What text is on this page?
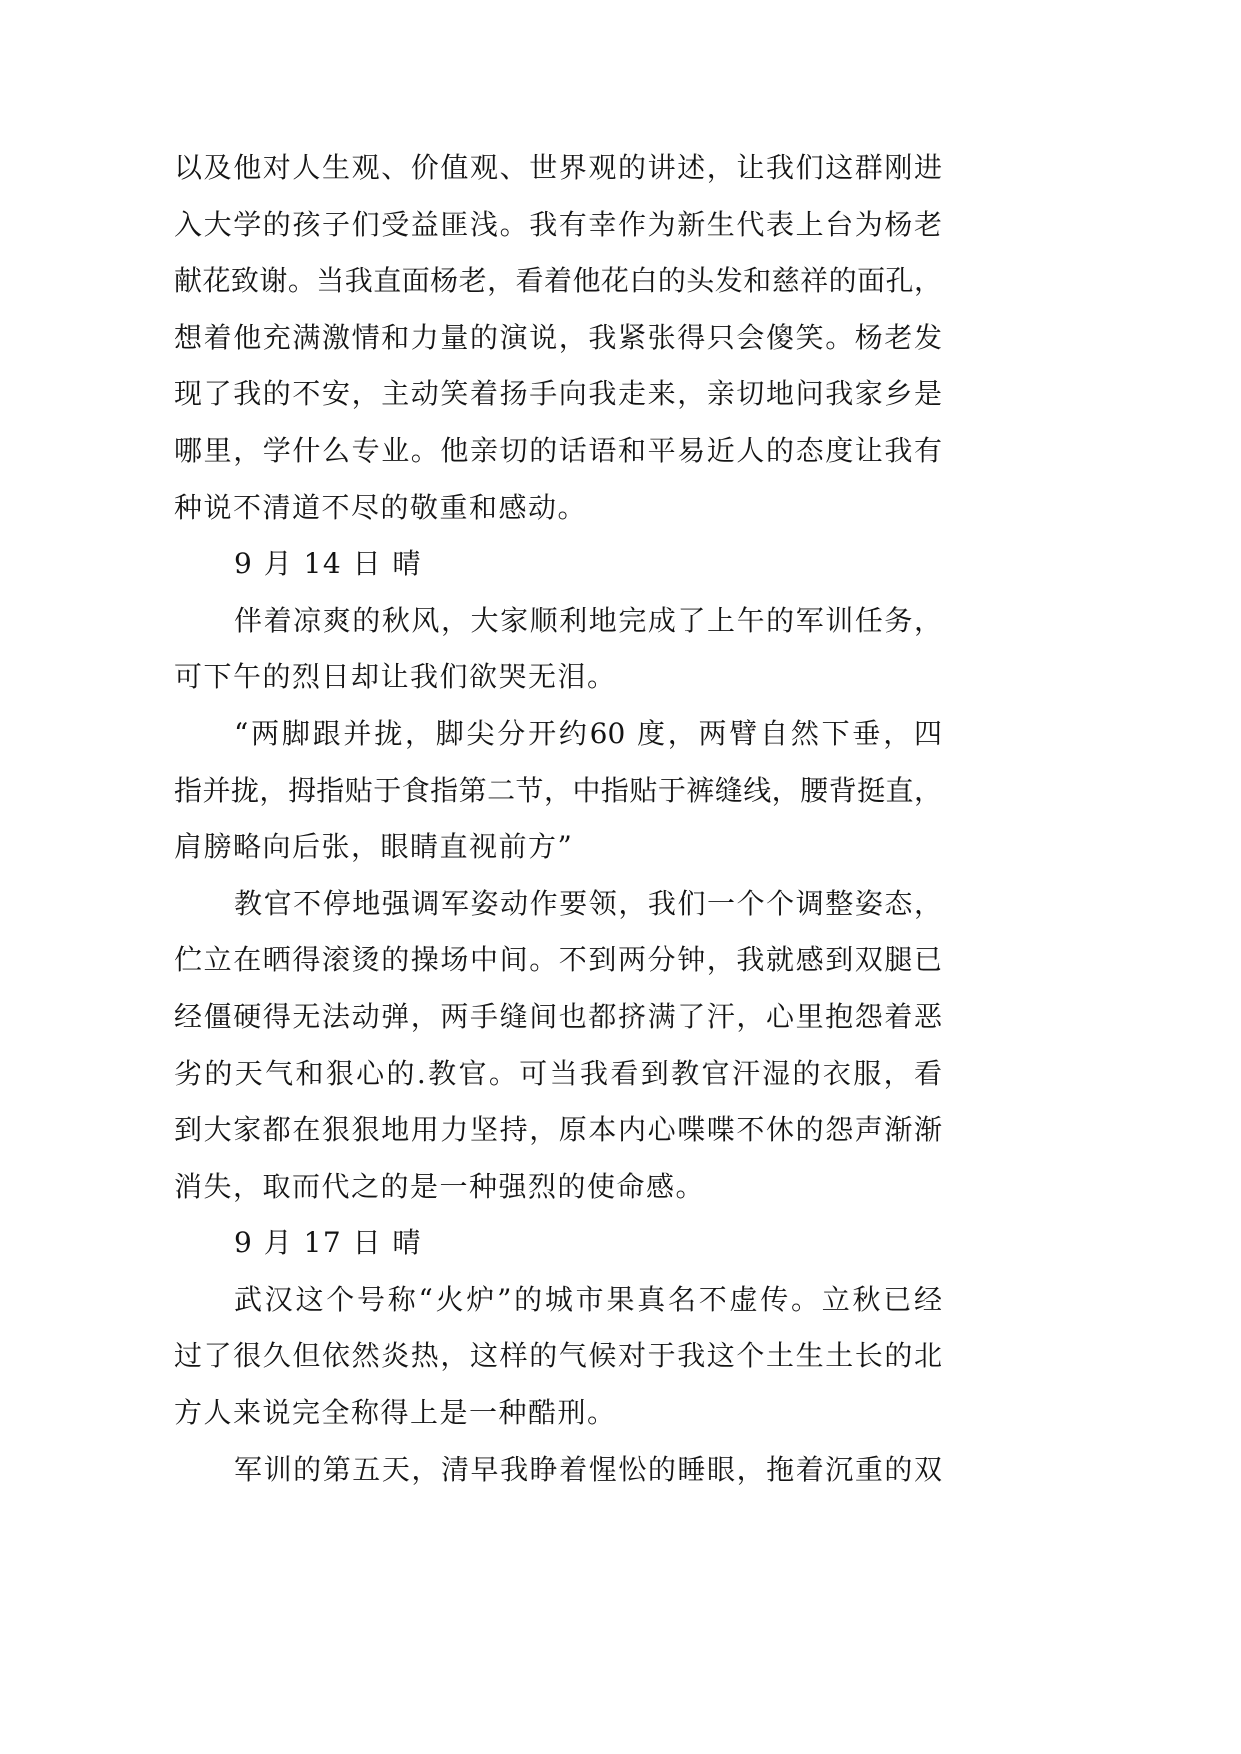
以及他对人生观、价值观、世界观的讲述，让我们这群刚进
入大学的孩子们受益匪浅。我有幸作为新生代表上台为杨老
献花致谢。当我直面杨老，看着他花白的头发和慈祥的面孔，
想着他充满激情和力量的演说，我紧张得只会傻笑。杨老发
现了我的不安，主动笑着扬手向我走来，亲切地问我家乡是
哪里，学什么专业。他亲切的话语和平易近人的态度让我有
种说不清道不尽的敬重和感动。
9 月 14 日 晴
伴着凉爽的秋风，大家顺利地完成了上午的军训任务，
可下午的烈日却让我们欲哭无泪。
“两脚跟并拢，脚尖分开约60 度，两臂自然下垂，四
指并拢，拇指贴于食指第二节，中指贴于裤缝线，腰背挺直，
肩膀略向后张，眼睛直视前方”
教官不停地强调军姿动作要领，我们一个个调整姿态，
伫立在晒得滚烫的操场中间。不到两分钟，我就感到双腿已
经僵硬得无法动弹，两手缝间也都挤满了汗，心里抱怨着恶
劣的天气和狠心的.教官。可当我看到教官汗湿的衣服，看
到大家都在狠狠地用力坚持，原本内心喋喋不休的怨声渐渐
消失，取而代之的是一种强烈的使命感。
9 月 17 日 晴
武汉这个号称“火炉”的城市果真名不虚传。立秋已经
过了很久但依然炎热，这样的气候对于我这个土生土长的北
方人来说完全称得上是一种酷刑。
军训的第五天，清早我睁着惺忪的睡眼，拖着沉重的双
